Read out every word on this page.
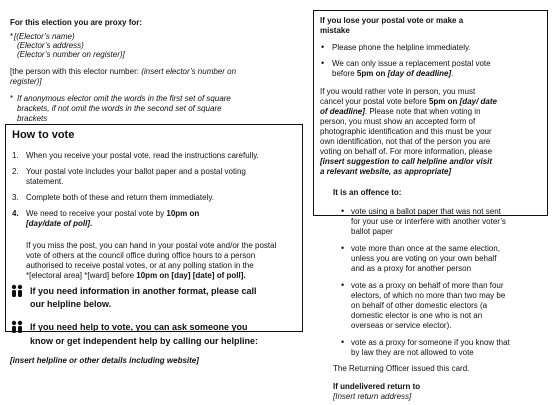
For this election you are proxy for:
* [(Elector’s name)
(Elector’s address)
(Elector’s number on register)]
[the person with this elector number: (insert elector’s number on
register)]
* If anonymous elector omit the words in the first set of square
brackets, if not omit the words in the second set of square
brackets
How to vote
1. When you receive your postal vote, read the instructions carefully.
2. Your postal vote includes your ballot paper and a postal voting
statement.
3. Complete both of these and return them immediately.
4. We need to receive your postal vote by 10pm on
[day/date of poll].
If you miss the post, you can hand in your postal vote and/or the postal
vote of others at the council office during office hours to a person
authorised to receive postal votes, or at any polling station in the
*[electoral area] *[ward] before 10pm on [day] [date] of poll].
If you need information in another format, please call
our helpline below.
If you need help to vote, you can ask someone you
know or get independent help by calling our helpline:
[insert helpline or other details including website]
If you lose your postal vote or make a
mistake
• Please phone the helpline immediately.
• We can only issue a replacement postal vote
before 5pm on [day of deadline].
If you would rather vote in person, you must
cancel your postal vote before 5pm on [day/ date
of deadline]. Please note that when voting in
person, you must show an accepted form of
photographic identification and this must be your
own identification, not that of the person you are
voting on behalf of. For more information, please
[insert suggestion to call helpline and/or visit
a relevant website, as appropriate]
It is an offence to:
• vote using a ballot paper that was not sent
for your use or interfere with another voter’s
ballot paper
• vote more than once at the same election,
unless you are voting on your own behalf
and as a proxy for another person
• vote as a proxy on behalf of more than four
electors, of which no more than two may be
on behalf of other domestic electors (a
domestic elector is one who is not an
overseas or service elector).
• vote as a proxy for someone if you know that
by law they are not allowed to vote
The Returning Officer issued this card.
If undelivered return to
[Insert return address]
